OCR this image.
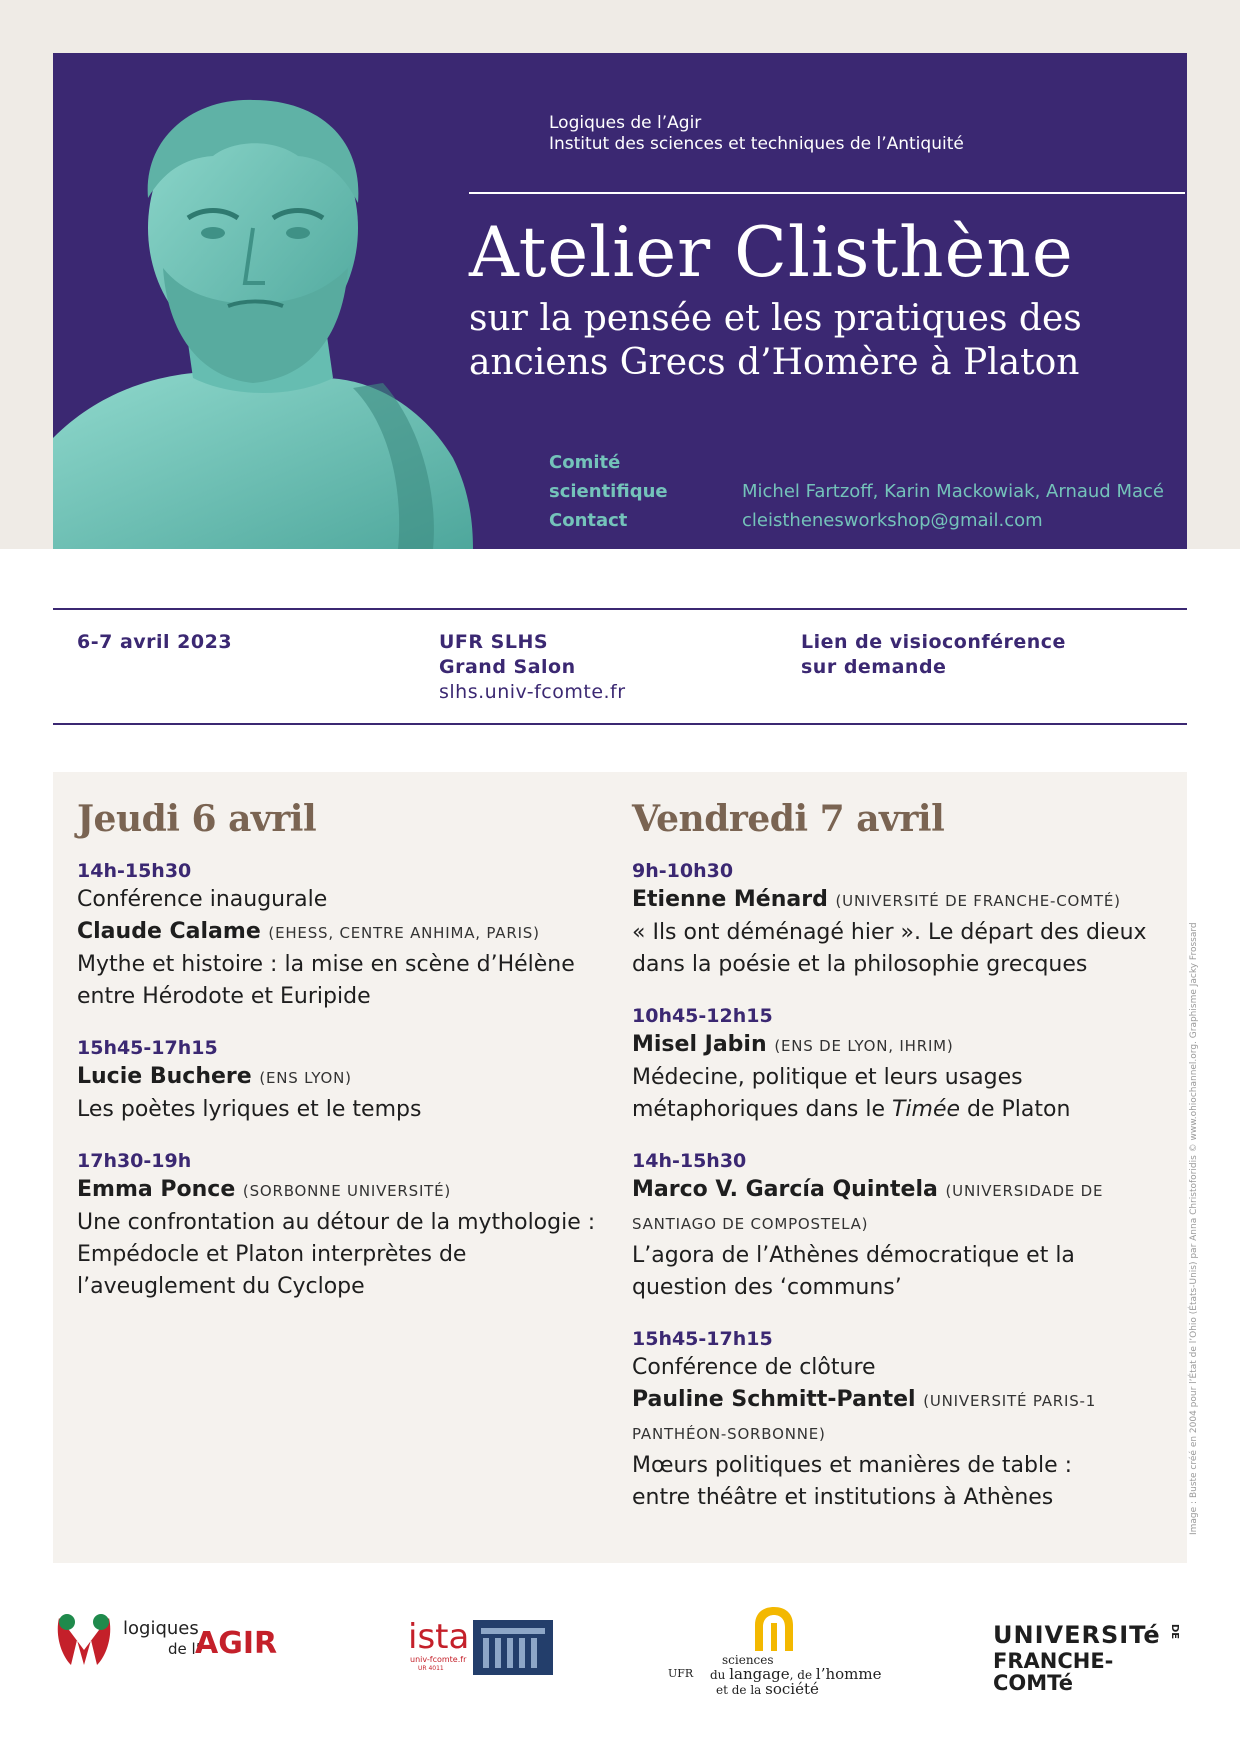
Logiques de l’Agir
Institut des sciences et techniques de l’Antiquité
Atelier Clisthène
sur la pensée et les pratiques des
anciens Grecs d’Homère à Platon
Comité scientifique	Michel Fartzoff, Karin Mackowiak, Arnaud Macé
Contact	cleisthenesworkshop@gmail.com
6-7 avril 2023	UFR SLHS
Grand Salon
slhs.univ-fcomte.fr
Lien de visioconférence
sur demande
Jeudi 6 avril
14h-15h30
Conférence inaugurale
Claude Calame (EHESS, CENTRE ANHIMA, PARIS)
Mythe et histoire : la mise en scène d’Hélène
entre Hérodote et Euripide
15h45-17h15
Lucie Buchere (ENS LYON)
Les poètes lyriques et le temps
17h30-19h
Emma Ponce (SORBONNE UNIVERSITÉ)
Une confrontation au détour de la mythologie :
Empédocle et Platon interprètes de
l’aveuglement du Cyclope
Vendredi 7 avril
9h-10h30
Etienne Ménard (UNIVERSITÉ DE FRANCHE-COMTÉ)
« Ils ont déménagé hier ». Le départ des dieux
dans la poésie et la philosophie grecques
10h45-12h15
Misel Jabin (ENS DE LYON, IHRIM)
Médecine, politique et leurs usages
métaphoriques dans le Timée de Platon
14h-15h30
Marco V. García Quintela (UNIVERSIDADE DE
SANTIAGO DE COMPOSTELA)
L’agora de l’Athènes démocratique et la
question des ‘communs’
15h45-17h15
Conférence de clôture
Pauline Schmitt-Pantel (UNIVERSITÉ PARIS-1
PANTHÉON-SORBONNE)
Mœurs politiques et manières de table :
entre théâtre et institutions à Athènes	Image : Buste créé en 2004 pour l’État de l’Ohio (États-Unis) par Anna Christoforidis © www.ohiochannel.org. Graphisme Jacky Frossard
logiques
de l’
AGIR	ista
univ-fcomte.fr
UR 4011	UFR
sciences
du langage, de l’homme
et de la société
UNIVERSITé
FRANCHE-COMTé
DE
